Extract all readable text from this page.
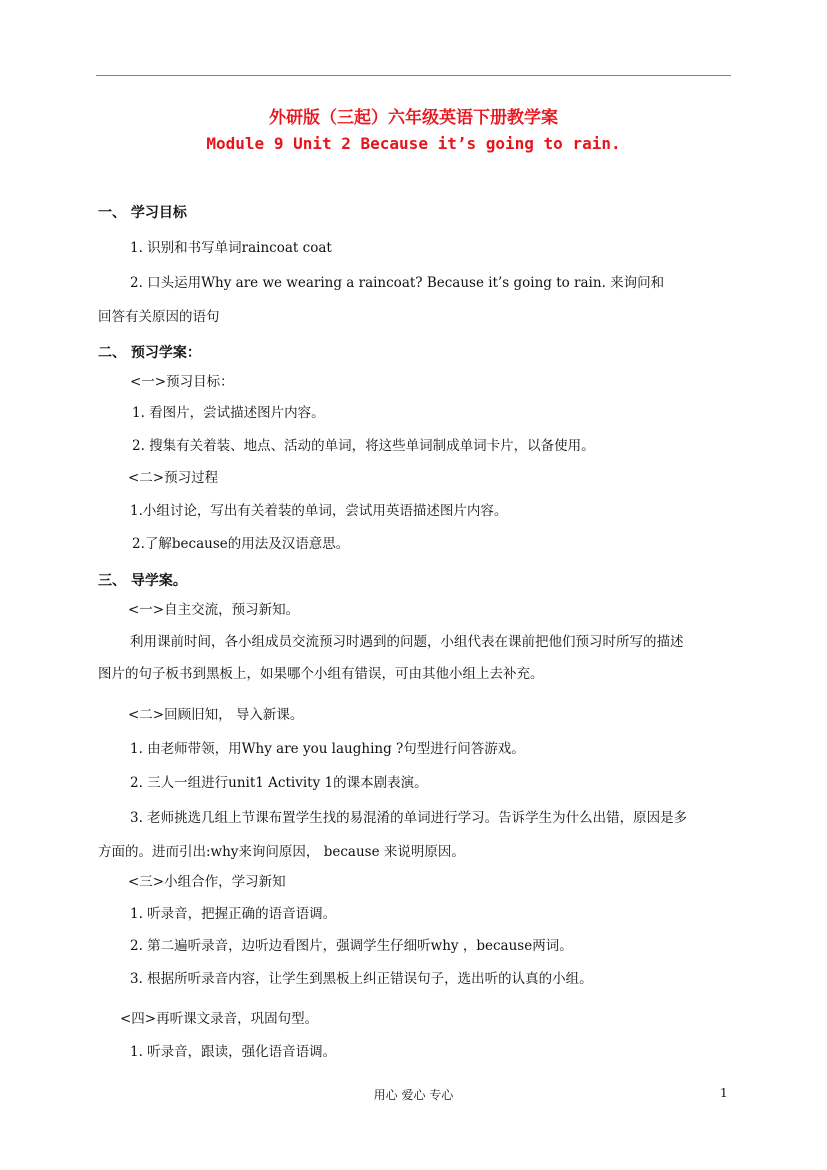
外研版（三起）六年级英语下册教学案
Module 9 Unit 2 Because it’s going to rain.
一、 学习目标
1. 识别和书写单词raincoat coat
2. 口头运用Why are we wearing a raincoat? Because it’s going to rain. 来询问和
回答有关原因的语句
二、 预习学案：
<一>预习目标：
1. 看图片，尝试描述图片内容。
2. 搜集有关着装、地点、活动的单词，将这些单词制成单词卡片，以备使用。
<二>预习过程
1.小组讨论，写出有关着装的单词，尝试用英语描述图片内容。
2.了解because的用法及汉语意思。
三、 导学案。
<一>自主交流，预习新知。
利用课前时间，各小组成员交流预习时遇到的问题，小组代表在课前把他们预习时所写的描述
图片的句子板书到黑板上，如果哪个小组有错误，可由其他小组上去补充。
<二>回顾旧知， 导入新课。
1. 由老师带领，用Why are you laughing ?句型进行问答游戏。
2. 三人一组进行unit1 Activity 1的课本剧表演。
3. 老师挑选几组上节课布置学生找的易混淆的单词进行学习。告诉学生为什么出错，原因是多
方面的。进而引出:why来询问原因， because 来说明原因。
<三>小组合作，学习新知
1. 听录音，把握正确的语音语调。
2. 第二遍听录音，边听边看图片，强调学生仔细听why ，because两词。
3. 根据所听录音内容，让学生到黑板上纠正错误句子，选出听的认真的小组。
<四>再听课文录音，巩固句型。
1. 听录音，跟读，强化语音语调。
用心 爱心 专心	1
